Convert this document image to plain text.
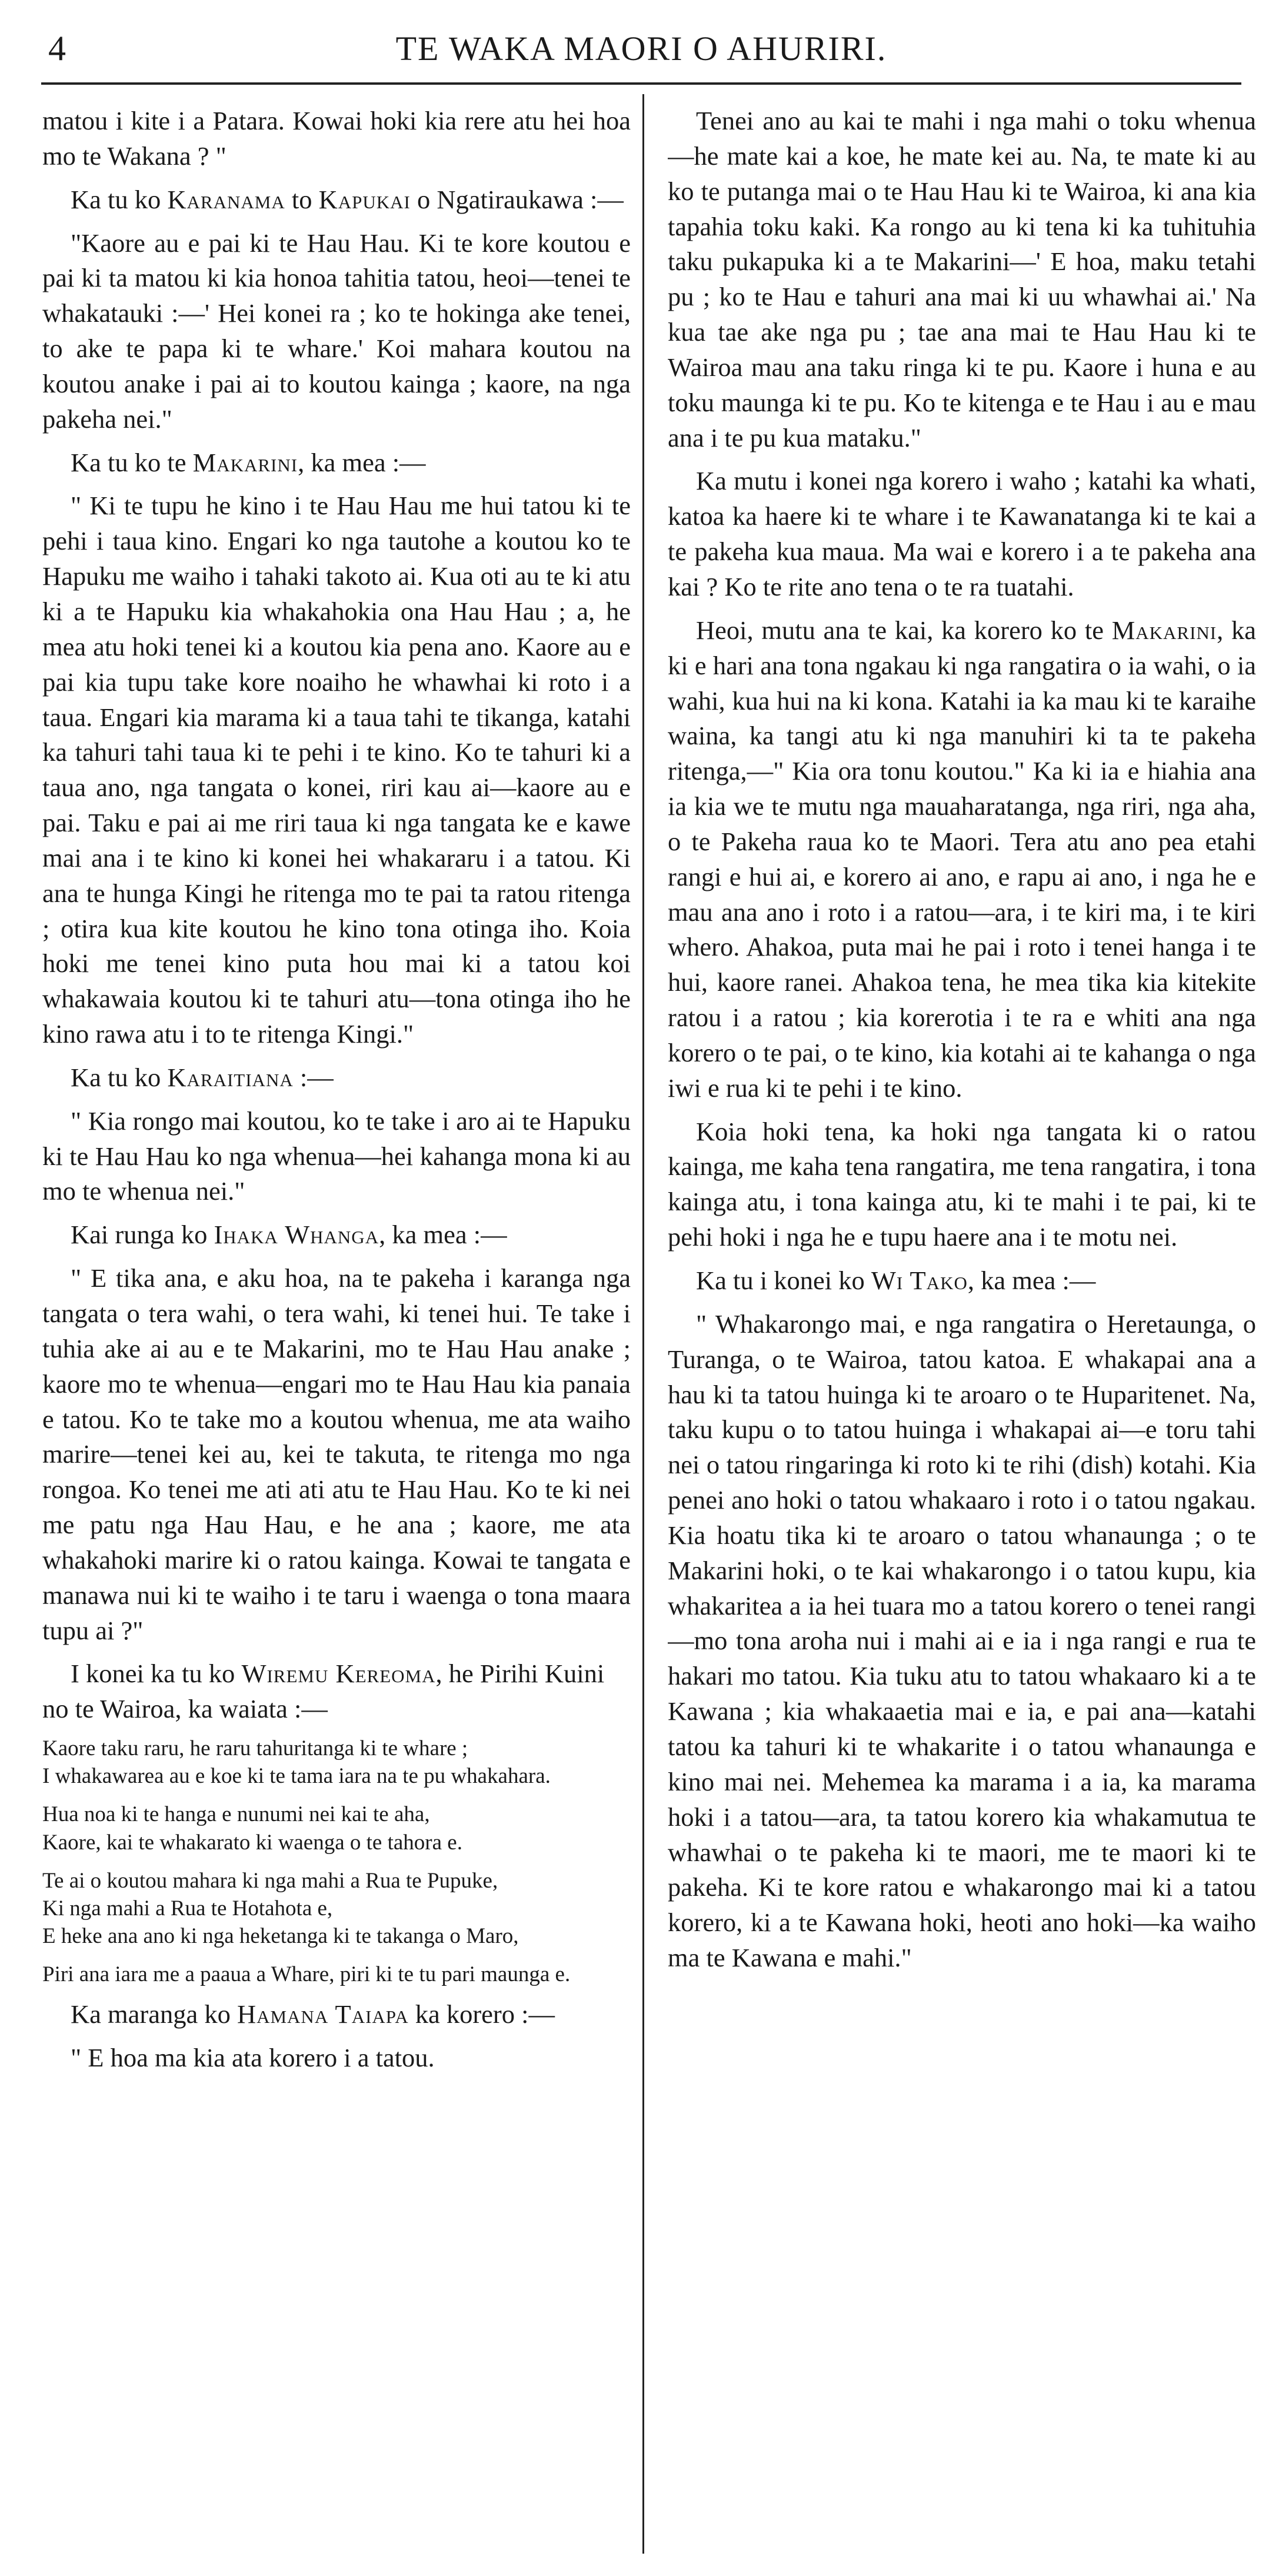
4	TE WAKA MAORI O AHURIRI.

matou i kite i a Patara. Kowai hoki kia rere atu hei hoa mo te Wakana ? "

Ka tu ko Karanama to Kapukai o Ngatiraukawa :—

"Kaore au e pai ki te Hau Hau. Ki te kore koutou e pai ki ta matou ki kia honoa tahitia tatou, heoi—tenei te whakatauki :—' Hei konei ra ; ko te hokinga ake tenei, to ake te papa ki te whare.' Koi mahara koutou na koutou anake i pai ai to koutou kainga ; kaore, na nga pakeha nei."

Ka tu ko te Makarini, ka mea :—

" Ki te tupu he kino i te Hau Hau me hui tatou ki te pehi i taua kino. Engari ko nga tautohe a koutou ko te Hapuku me waiho i tahaki takoto ai. Kua oti au te ki atu ki a te Hapuku kia whakahokia ona Hau Hau ; a, he mea atu hoki tenei ki a koutou kia pena ano. Kaore au e pai kia tupu take kore noaiho he whawhai ki roto i a taua. Engari kia marama ki a taua tahi te tikanga, katahi ka tahuri tahi taua ki te pehi i te kino. Ko te tahuri ki a taua ano, nga tangata o konei, riri kau ai—kaore au e pai. Taku e pai ai me riri taua ki nga tangata ke e kawe mai ana i te kino ki konei hei whakararu i a tatou. Ki ana te hunga Kingi he ritenga mo te pai ta ratou ritenga ; otira kua kite koutou he kino tona otinga iho. Koia hoki me tenei kino puta hou mai ki a tatou koi whakawaia koutou ki te tahuri atu—tona otinga iho he kino rawa atu i to te ritenga Kingi."

Ka tu ko Karaitiana :—

" Kia rongo mai koutou, ko te take i aro ai te Hapuku ki te Hau Hau ko nga whenua—hei kahanga mona ki au mo te whenua nei."

Kai runga ko Ihaka Whanga, ka mea :—

" E tika ana, e aku hoa, na te pakeha i karanga nga tangata o tera wahi, o tera wahi, ki tenei hui. Te take i tuhia ake ai au e te Makarini, mo te Hau Hau anake ; kaore mo te whenua—engari mo te Hau Hau kia panaia e tatou. Ko te take mo a koutou whenua, me ata waiho marire—tenei kei au, kei te takuta, te ritenga mo nga rongoa. Ko tenei me ati ati atu te Hau Hau. Ko te ki nei me patu nga Hau Hau, e he ana ; kaore, me ata whakahoki marire ki o ratou kainga. Kowai te tangata e manawa nui ki te waiho i te taru i waenga o tona maara tupu ai ?"

I konei ka tu ko Wiremu Kereoma, he Pirihi Kuini no te Wairoa, ka waiata :—

Kaore taku raru, he raru tahuritanga ki te whare ;
I whakawarea au e koe ki te tama iara na te pu whakahara.
Hua noa ki te hanga e nunumi nei kai te aha,
Kaore, kai te whakarato ki waenga o te tahora e.
Te ai o koutou mahara ki nga mahi a Rua te Pupuke,
Ki nga mahi a Rua te Hotahota e,
E heke ana ano ki nga heketanga ki te takanga o Maro,
Piri ana iara me a paaua a Whare, piri ki te tu pari maunga e.

Ka maranga ko Hamana Taiapa ka korero :—

" E hoa ma kia ata korero i a tatou.

Tenei ano au kai te mahi i nga mahi o toku whenua—he mate kai a koe, he mate kei au. Na, te mate ki au ko te putanga mai o te Hau Hau ki te Wairoa, ki ana kia tapahia toku kaki. Ka rongo au ki tena ki ka tuhituhia taku pukapuka ki a te Makarini—' E hoa, maku tetahi pu ; ko te Hau e tahuri ana mai ki uu whawhai ai.' Na kua tae ake nga pu ; tae ana mai te Hau Hau ki te Wairoa mau ana taku ringa ki te pu. Kaore i huna e au toku maunga ki te pu. Ko te kitenga e te Hau i au e mau ana i te pu kua mataku."

Ka mutu i konei nga korero i waho ; katahi ka whati, katoa ka haere ki te whare i te Kawanatanga ki te kai a te pakeha kua maua. Ma wai e korero i a te pakeha ana kai ? Ko te rite ano tena o te ra tuatahi.

Heoi, mutu ana te kai, ka korero ko te Makarini, ka ki e hari ana tona ngakau ki nga rangatira o ia wahi, o ia wahi, kua hui na ki kona. Katahi ia ka mau ki te karaihe waina, ka tangi atu ki nga manuhiri ki ta te pakeha ritenga,—" Kia ora tonu koutou." Ka ki ia e hiahia ana ia kia we te mutu nga mauaharatanga, nga riri, nga aha, o te Pakeha raua ko te Maori. Tera atu ano pea etahi rangi e hui ai, e korero ai ano, e rapu ai ano, i nga he e mau ana ano i roto i a ratou—ara, i te kiri ma, i te kiri whero. Ahakoa, puta mai he pai i roto i tenei hanga i te hui, kaore ranei. Ahakoa tena, he mea tika kia kitekite ratou i a ratou ; kia korerotia i te ra e whiti ana nga korero o te pai, o te kino, kia kotahi ai te kahanga o nga iwi e rua ki te pehi i te kino.

Koia hoki tena, ka hoki nga tangata ki o ratou kainga, me kaha tena rangatira, me tena rangatira, i tona kainga atu, i tona kainga atu, ki te mahi i te pai, ki te pehi hoki i nga he e tupu haere ana i te motu nei.

Ka tu i konei ko Wi Tako, ka mea :—

" Whakarongo mai, e nga rangatira o Heretaunga, o Turanga, o te Wairoa, tatou katoa. E whakapai ana a hau ki ta tatou huinga ki te aroaro o te Huparitenet. Na, taku kupu o to tatou huinga i whakapai ai—e toru tahi nei o tatou ringaringa ki roto ki te rihi (dish) kotahi. Kia penei ano hoki o tatou whakaaro i roto i o tatou ngakau. Kia hoatu tika ki te aroaro o tatou whanaunga ; o te Makarini hoki, o te kai whakarongo i o tatou kupu, kia whakaritea a ia hei tuara mo a tatou korero o tenei rangi—mo tona aroha nui i mahi ai e ia i nga rangi e rua te hakari mo tatou. Kia tuku atu to tatou whakaaro ki a te Kawana ; kia whakaaetia mai e ia, e pai ana—katahi tatou ka tahuri ki te whakarite i o tatou whanaunga e kino mai nei. Mehemea ka marama i a ia, ka marama hoki i a tatou—ara, ta tatou korero kia whakamutua te whawhai o te pakeha ki te maori, me te maori ki te pakeha. Ki te kore ratou e whakarongo mai ki a tatou korero, ki a te Kawana hoki, heoti ano hoki—ka waiho ma te Kawana e mahi."
